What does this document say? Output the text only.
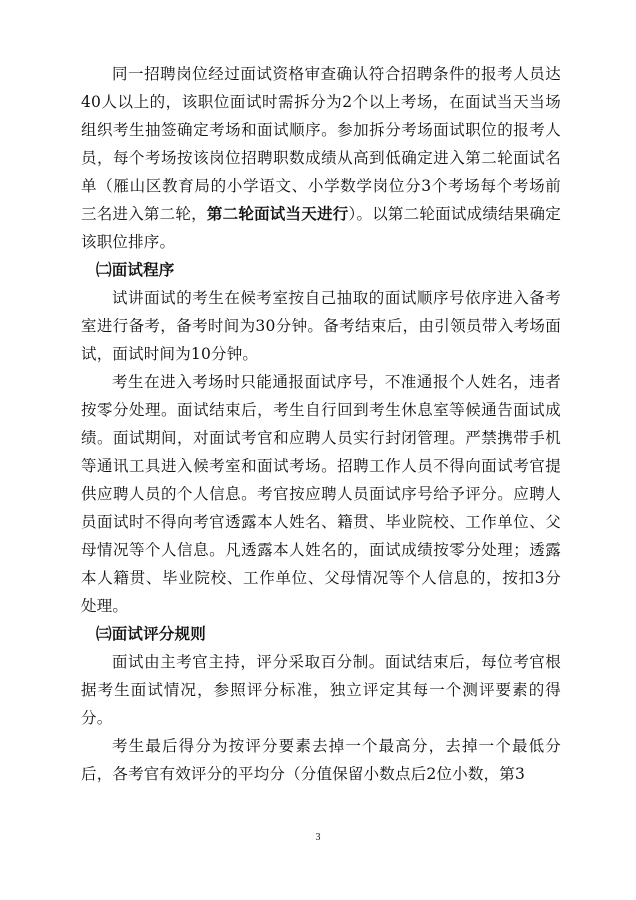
同一招聘岗位经过面试资格审查确认符合招聘条件的报考人员达40人以上的，该职位面试时需拆分为2个以上考场，在面试当天当场组织考生抽签确定考场和面试顺序。参加拆分考场面试职位的报考人员，每个考场按该岗位招聘职数成绩从高到低确定进入第二轮面试名单（雁山区教育局的小学语文、小学数学岗位分3个考场每个考场前三名进入第二轮，第二轮面试当天进行）。以第二轮面试成绩结果确定该职位排序。

㈡面试程序

试讲面试的考生在候考室按自己抽取的面试顺序号依序进入备考室进行备考，备考时间为30分钟。备考结束后，由引领员带入考场面试，面试时间为10分钟。

考生在进入考场时只能通报面试序号，不准通报个人姓名，违者按零分处理。面试结束后，考生自行回到考生休息室等候通告面试成绩。面试期间，对面试考官和应聘人员实行封闭管理。严禁携带手机等通讯工具进入候考室和面试考场。招聘工作人员不得向面试考官提供应聘人员的个人信息。考官按应聘人员面试序号给予评分。应聘人员面试时不得向考官透露本人姓名、籍贯、毕业院校、工作单位、父母情况等个人信息。凡透露本人姓名的，面试成绩按零分处理；透露本人籍贯、毕业院校、工作单位、父母情况等个人信息的，按扣3分处理。

㈢面试评分规则

面试由主考官主持，评分采取百分制。面试结束后，每位考官根据考生面试情况，参照评分标准，独立评定其每一个测评要素的得分。

考生最后得分为按评分要素去掉一个最高分，去掉一个最低分后，各考官有效评分的平均分（分值保留小数点后2位小数，第3

3
